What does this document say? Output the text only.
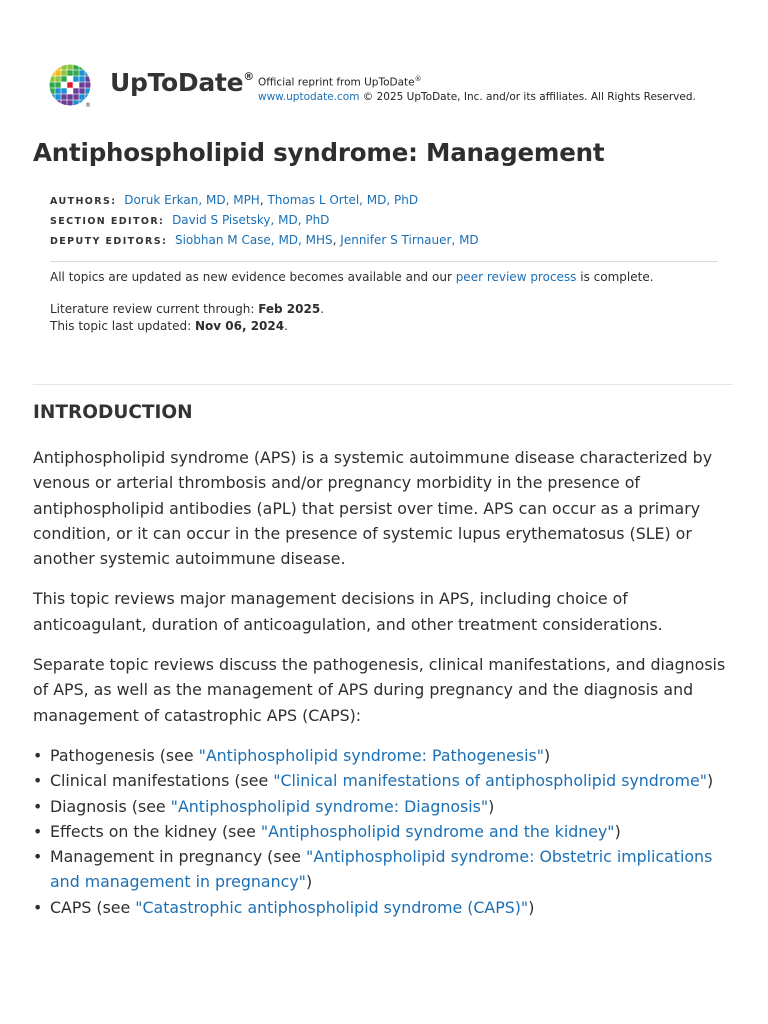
®
UpToDate® Official reprint from UpToDate®
www.uptodate.com © 2025 UpToDate, Inc. and/or its affiliates. All Rights Reserved.
Antiphospholipid syndrome: Management
AUTHORS: Doruk Erkan, MD, MPH, Thomas L Ortel, MD, PhD
SECTION EDITOR: David S Pisetsky, MD, PhD
DEPUTY EDITORS: Siobhan M Case, MD, MHS, Jennifer S Tirnauer, MD
All topics are updated as new evidence becomes available and our peer review process is complete.
Literature review current through: Feb 2025.
This topic last updated: Nov 06, 2024.
INTRODUCTION

Antiphospholipid syndrome (APS) is a systemic autoimmune disease characterized by venous or arterial thrombosis and/or pregnancy morbidity in the presence of antiphospholipid antibodies (aPL) that persist over time. APS can occur as a primary condition, or it can occur in the presence of systemic lupus erythematosus (SLE) or another systemic autoimmune disease.

This topic reviews major management decisions in APS, including choice of anticoagulant, duration of anticoagulation, and other treatment considerations.

Separate topic reviews discuss the pathogenesis, clinical manifestations, and diagnosis of APS, as well as the management of APS during pregnancy and the diagnosis and management of catastrophic APS (CAPS):

• Pathogenesis (see "Antiphospholipid syndrome: Pathogenesis")
• Clinical manifestations (see "Clinical manifestations of antiphospholipid syndrome")
• Diagnosis (see "Antiphospholipid syndrome: Diagnosis")
• Effects on the kidney (see "Antiphospholipid syndrome and the kidney")
• Management in pregnancy (see "Antiphospholipid syndrome: Obstetric implications and management in pregnancy")
• CAPS (see "Catastrophic antiphospholipid syndrome (CAPS)")
